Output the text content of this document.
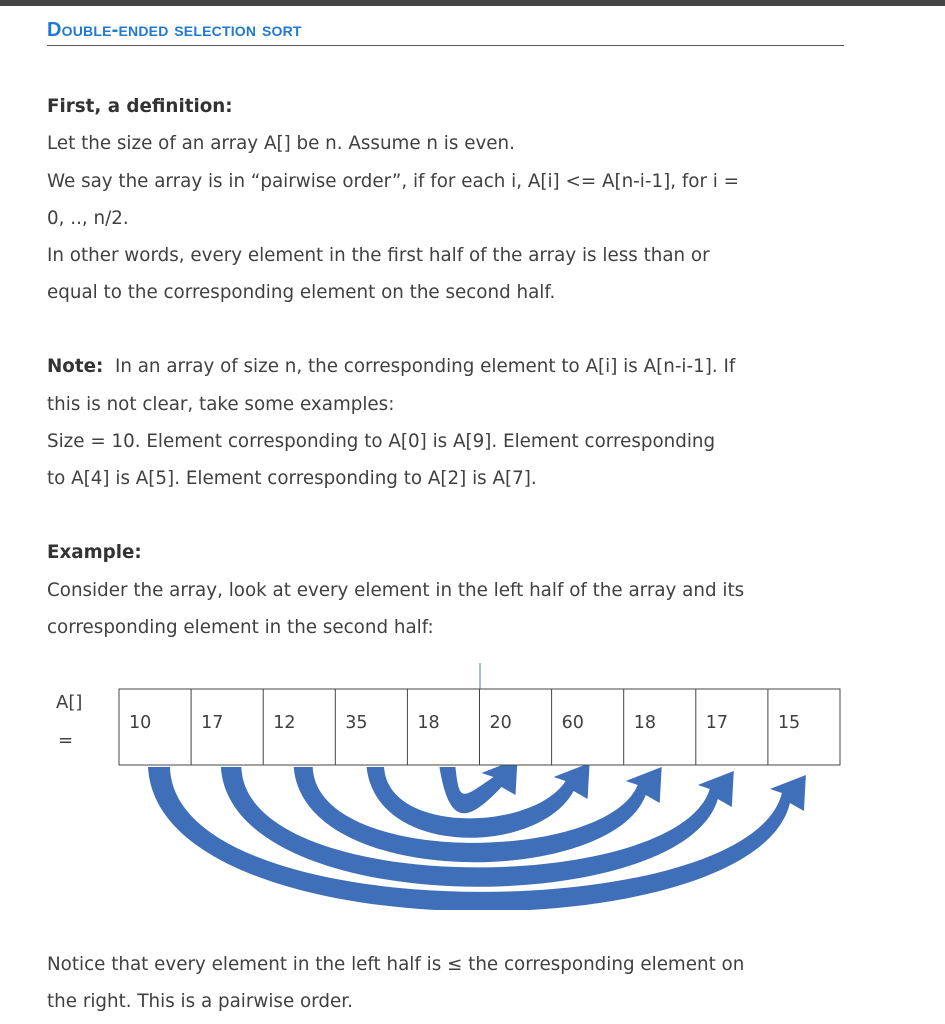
Double-ended selection sort
First, a definition:
Let the size of an array A[] be n. Assume n is even.
We say the array is in “pairwise order”, if for each i, A[i] <= A[n-i-1], for i =
0, .., n/2.
In other words, every element in the first half of the array is less than or
equal to the corresponding element on the second half.
Note: In an array of size n, the corresponding element to A[i] is A[n-i-1]. If
this is not clear, take some examples:
Size = 10. Element corresponding to A[0] is A[9]. Element corresponding
to A[4] is A[5]. Element corresponding to A[2] is A[7].
Example:
Consider the array, look at every element in the left half of the array and its
corresponding element in the second half:
A[]
=
10	17	12	35	18	20	60	18	17	15
Notice that every element in the left half is ≤ the corresponding element on
the right. This is a pairwise order.
